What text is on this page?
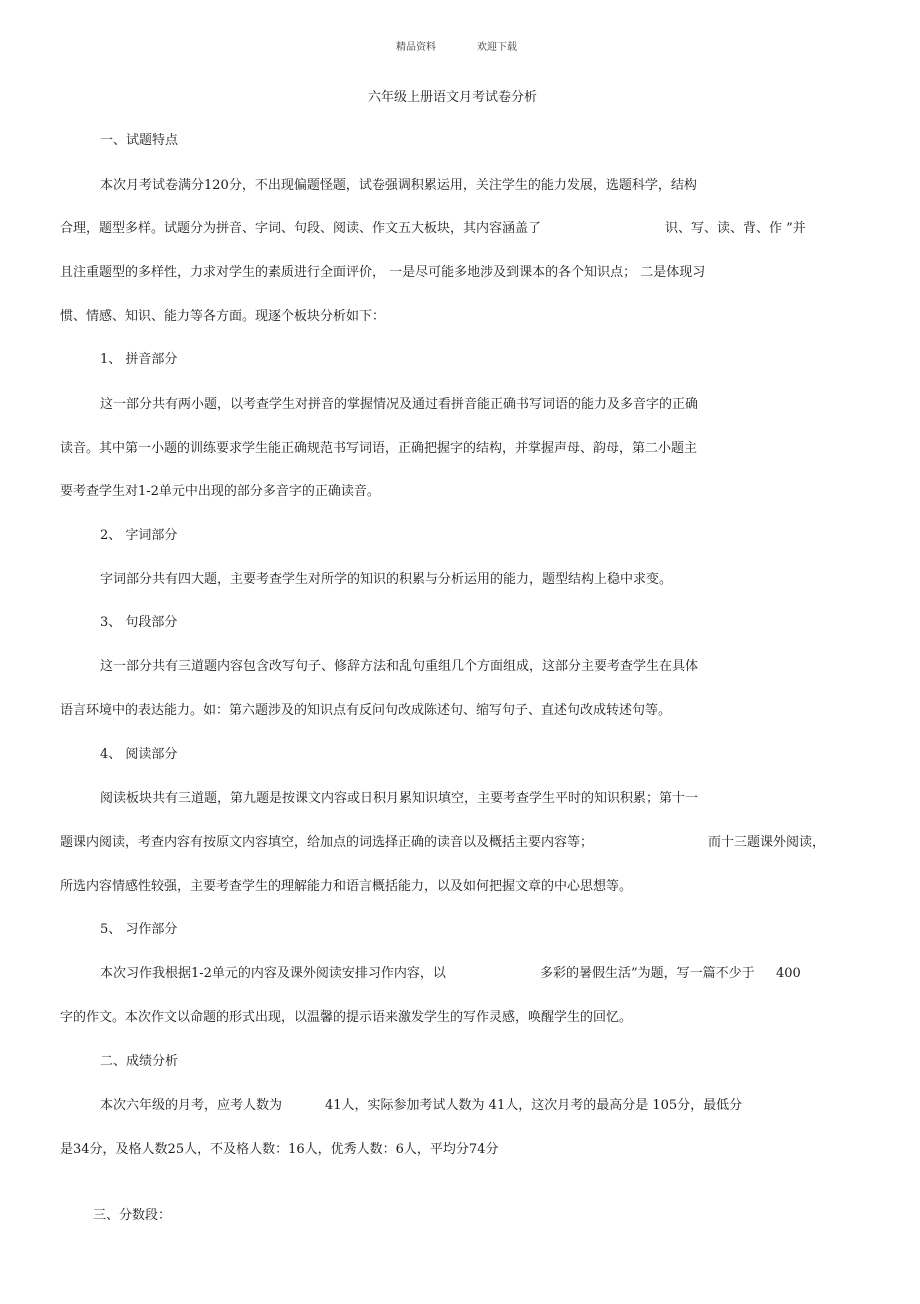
精品资料	欢迎下载
六年级上册语文月考试卷分析
一、试题特点
本次月考试卷满分120分，不出现偏题怪题，试卷强调积累运用，关注学生的能力发展，选题科学，结构
合理，题型多样。试题分为拼音、字词、句段、阅读、作文五大板块，其内容涵盖了	识、写、读、背、作 ”并
且注重题型的多样性，力求对学生的素质进行全面评价， 一是尽可能多地涉及到课本的各个知识点； 二是体现习
惯、情感、知识、能力等各方面。现逐个板块分析如下：
1、 拼音部分
这一部分共有两小题，以考查学生对拼音的掌握情况及通过看拼音能正确书写词语的能力及多音字的正确
读音。其中第一小题的训练要求学生能正确规范书写词语，正确把握字的结构，并掌握声母、韵母，第二小题主
要考查学生对1-2单元中出现的部分多音字的正确读音。
2、 字词部分
字词部分共有四大题，主要考查学生对所学的知识的积累与分析运用的能力，题型结构上稳中求变。
3、 句段部分
这一部分共有三道题内容包含改写句子、修辞方法和乱句重组几个方面组成，这部分主要考查学生在具体
语言环境中的表达能力。如：第六题涉及的知识点有反问句改成陈述句、缩写句子、直述句改成转述句等。
4、 阅读部分
阅读板块共有三道题，第九题是按课文内容或日积月累知识填空，主要考查学生平时的知识积累；第十一
题课内阅读，考查内容有按原文内容填空，给加点的词选择正确的读音以及概括主要内容等；	而十三题课外阅读，
所选内容情感性较强，主要考查学生的理解能力和语言概括能力，以及如何把握文章的中心思想等。
5、 习作部分
本次习作我根据1-2单元的内容及课外阅读安排习作内容，以	多彩的暑假生活”为题，写一篇不少于 400
字的作文。本次作文以命题的形式出现，以温馨的提示语来激发学生的写作灵感，唤醒学生的回忆。
二、成绩分析
本次六年级的月考，应考人数为	41人，实际参加考试人数为 41人，这次月考的最高分是 105分，最低分
是34分，及格人数25人，不及格人数：16人，优秀人数：6人，平均分74分
三、分数段：
